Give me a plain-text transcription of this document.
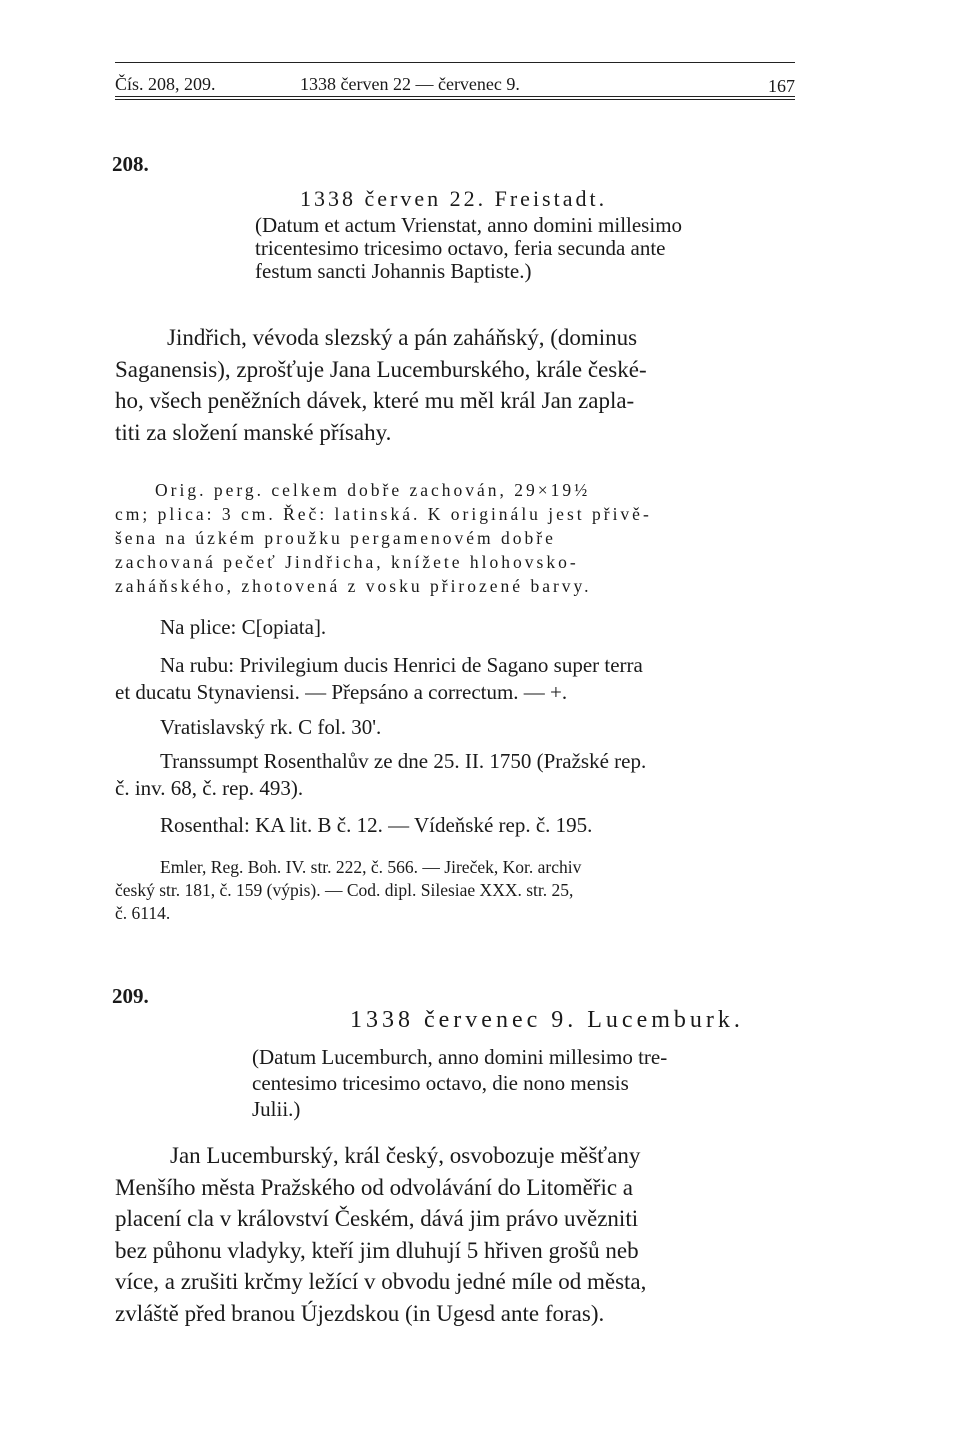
Čís. 208, 209.	1338 červen 22 — červenec 9.	167
208.
1338 červen 22. Freistadt.
(Datum et actum Vrienstat, anno domini millesimo
tricentesimo tricesimo octavo, feria secunda ante
festum sancti Johannis Baptiste.)
Jindřich, vévoda slezský a pán zaháňský, (dominus
Saganensis), zprošťuje Jana Lucemburského, krále české-
ho, všech peněžních dávek, které mu měl král Jan zapla-
titi za složení manské přísahy.
Orig. perg. celkem dobře zachován, 29×19½
cm; plica: 3 cm. Řeč: latinská. K originálu jest přivě-
šena na úzkém proužku pergamenovém dobře
zachovaná pečeť Jindřicha, knížete hlohovsko-
zaháňského, zhotovená z vosku přirozené barvy.
Na plice: C[opiata].
Na rubu: Privilegium ducis Henrici de Sagano super terra
et ducatu Stynaviensi. — Přepsáno a correctum. — +.
Vratislavský rk. C fol. 30'.
Transsumpt Rosenthalův ze dne 25. II. 1750 (Pražské rep.
č. inv. 68, č. rep. 493).
Rosenthal: KA lit. B č. 12. — Vídeňské rep. č. 195.
Emler, Reg. Boh. IV. str. 222, č. 566. — Jireček, Kor. archiv
český str. 181, č. 159 (výpis). — Cod. dipl. Silesiae XXX. str. 25,
č. 6114.
209.
1338 červenec 9. Lucemburk.
(Datum Lucemburch, anno domini millesimo tre-
centesimo tricesimo octavo, die nono mensis
Julii.)
Jan Lucemburský, král český, osvobozuje měšťany
Menšího města Pražského od odvolávání do Litoměřic a
placení cla v království Českém, dává jim právo uvězniti
bez půhonu vladyky, kteří jim dluhují 5 hřiven grošů neb
více, a zrušiti krčmy ležící v obvodu jedné míle od města,
zvláště před branou Újezdskou (in Ugesd ante foras).
